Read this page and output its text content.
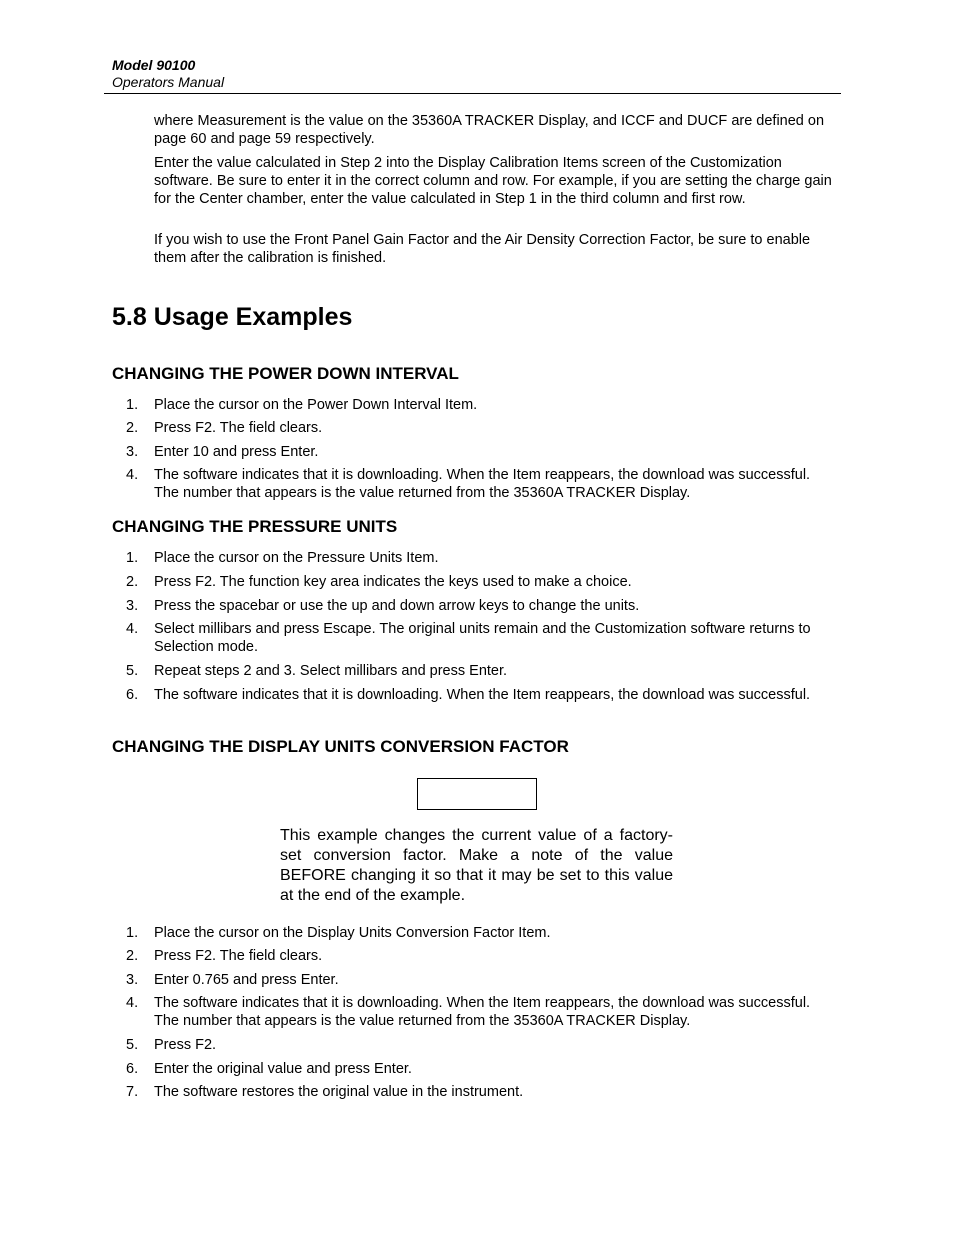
Model 90100
Operators Manual
where Measurement is the value on the 35360A TRACKER Display, and ICCF and DUCF are defined on page 60 and page 59 respectively.
Enter the value calculated in Step 2 into the Display Calibration Items screen of the Customization software. Be sure to enter it in the correct column and row. For example, if you are setting the charge gain for the Center chamber, enter the value calculated in Step 1 in the third column and first row.
If you wish to use the Front Panel Gain Factor and the Air Density Correction Factor, be sure to enable them after the calibration is finished.
5.8 Usage Examples
CHANGING THE POWER DOWN INTERVAL
1.	Place the cursor on the Power Down Interval Item.
2.	Press F2. The field clears.
3.	Enter 10 and press Enter.
4.	The software indicates that it is downloading. When the Item reappears, the download was successful. The number that appears is the value returned from the 35360A TRACKER Display.
CHANGING THE PRESSURE UNITS
1.	Place the cursor on the Pressure Units Item.
2.	Press F2. The function key area indicates the keys used to make a choice.
3.	Press the spacebar or use the up and down arrow keys to change the units.
4.	Select millibars and press Escape. The original units remain and the Customization software returns to Selection mode.
5.	Repeat steps 2 and 3. Select millibars and press Enter.
6.	The software indicates that it is downloading. When the Item reappears, the download was successful.
CHANGING THE DISPLAY UNITS CONVERSION FACTOR
This example changes the current value of a factory-set conversion factor. Make a note of the value BEFORE changing it so that it may be set to this value at the end of the example.
1.	Place the cursor on the Display Units Conversion Factor Item.
2.	Press F2. The field clears.
3.	Enter 0.765 and press Enter.
4.	The software indicates that it is downloading. When the Item reappears, the download was successful. The number that appears is the value returned from the 35360A TRACKER Display.
5.	Press F2.
6.	Enter the original value and press Enter.
7.	The software restores the original value in the instrument.
